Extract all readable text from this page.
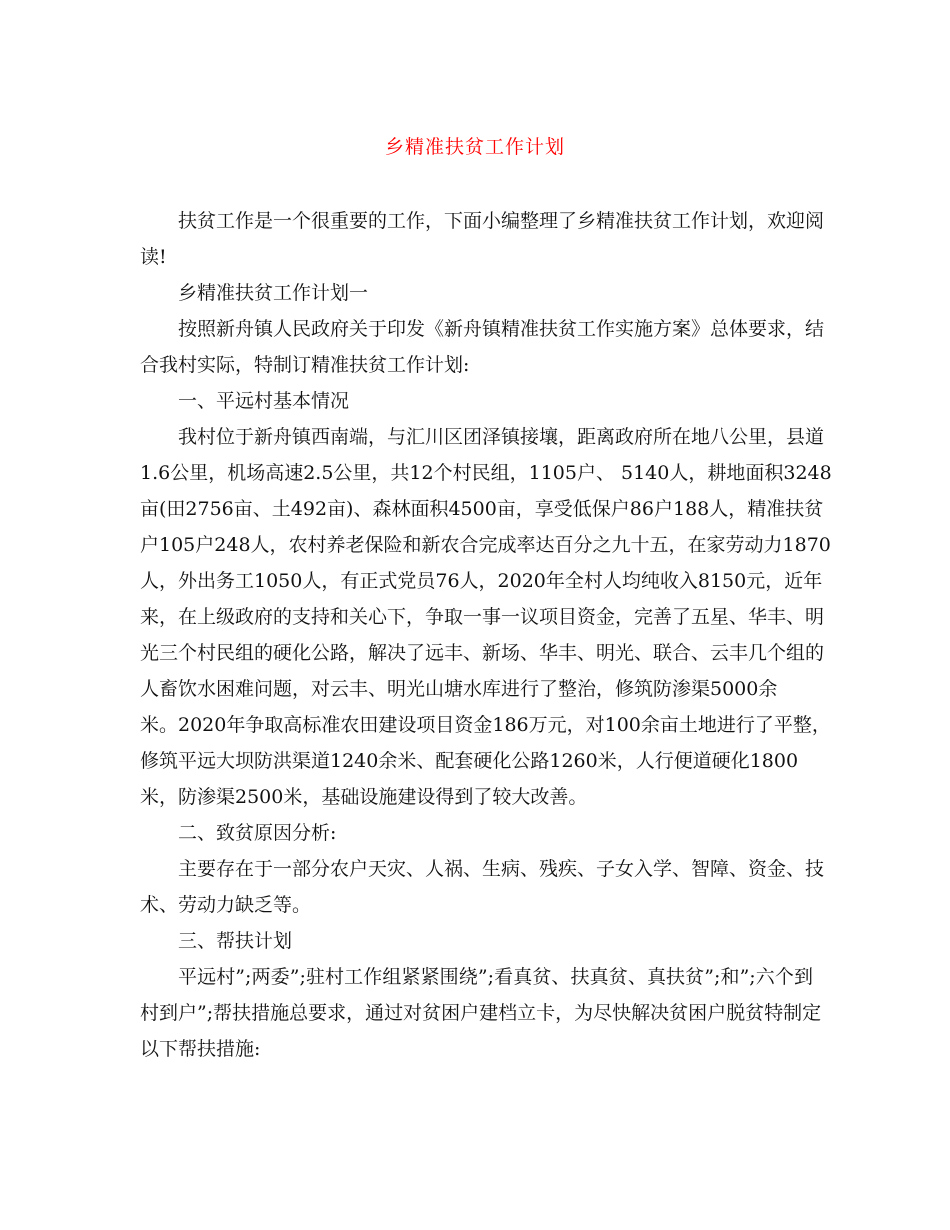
乡精准扶贫工作计划
扶贫工作是一个很重要的工作，下面小编整理了乡精准扶贫工作计划，欢迎阅
读!
乡精准扶贫工作计划一
按照新舟镇人民政府关于印发《新舟镇精准扶贫工作实施方案》总体要求，结
合我村实际，特制订精准扶贫工作计划:
一、平远村基本情况
我村位于新舟镇西南端，与汇川区团泽镇接壤，距离政府所在地八公里，县道
1.6公里，机场高速2.5公里，共12个村民组，1105户、 5140人，耕地面积3248
亩(田2756亩、土492亩)、森林面积4500亩，享受低保户86户188人，精准扶贫
户105户248人，农村养老保险和新农合完成率达百分之九十五，在家劳动力1870
人，外出务工1050人，有正式党员76人，2020年全村人均纯收入8150元，近年
来，在上级政府的支持和关心下，争取一事一议项目资金，完善了五星、华丰、明
光三个村民组的硬化公路，解决了远丰、新场、华丰、明光、联合、云丰几个组的
人畜饮水困难问题，对云丰、明光山塘水库进行了整治，修筑防渗渠5000余
米。2020年争取高标准农田建设项目资金186万元，对100余亩土地进行了平整，
修筑平远大坝防洪渠道1240余米、配套硬化公路1260米，人行便道硬化1800
米，防渗渠2500米，基础设施建设得到了较大改善。
二、致贫原因分析:
主要存在于一部分农户天灾、人祸、生病、残疾、子女入学、智障、资金、技
术、劳动力缺乏等。
三、帮扶计划
平远村”;两委”;驻村工作组紧紧围绕”;看真贫、扶真贫、真扶贫”;和”;六个到
村到户”;帮扶措施总要求，通过对贫困户建档立卡，为尽快解决贫困户脱贫特制定
以下帮扶措施:
